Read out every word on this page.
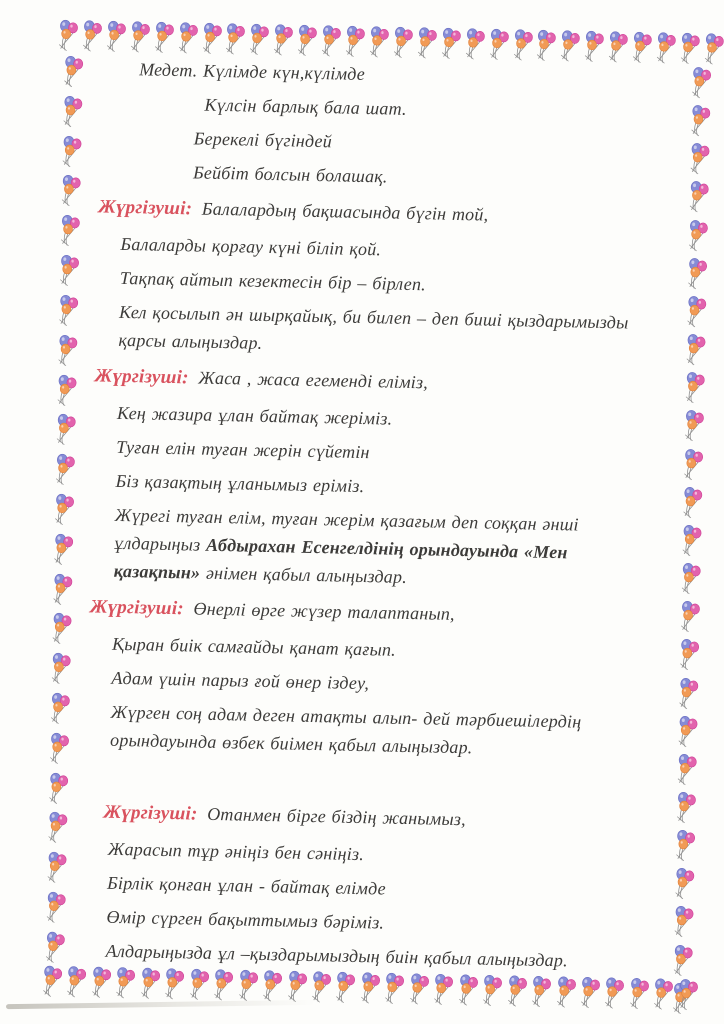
Медет. Күлімде күн,күлімде

Күлсін барлық бала шат.

Берекелі бүгіндей

Бейбіт болсын болашақ.

Жүргізуші: Балалардың бақшасында бүгін той,

Балаларды қорғау күні біліп қой.

Тақпақ айтып кезектесін бір – бірлеп.

Кел қосылып ән шырқайық, би билеп – деп биші қыздарымызды қарсы алыңыздар.

Жүргізуші: Жаса , жаса егеменді еліміз,

Кең жазира ұлан байтақ жеріміз.

Туған елін туған жерін сүйетін

Біз қазақтың ұланымыз еріміз.

Жүрегі туған елім, туған жерім қазағым деп соққан әнші ұлдарыңыз Абдырахан Есенгелдінің орындауында «Мен қазақпын» әнімен қабыл алыңыздар.

Жүргізуші: Өнерлі өрге жүзер талаптанып,

Қыран биік самғайды қанат қағып.

Адам үшін парыз ғой өнер іздеу,

Жүрген соң адам деген атақты алып- дей тәрбиешілердің орындауында өзбек биімен қабыл алыңыздар.

Жүргізуші: Отанмен бірге біздің жанымыз,

Жарасып тұр әніңіз бен сәніңіз.

Бірлік қонған ұлан - байтақ елімде

Өмір сүрген бақыттымыз бәріміз.

Алдарыңызда ұл –қыздарымыздың биін қабыл алыңыздар.
